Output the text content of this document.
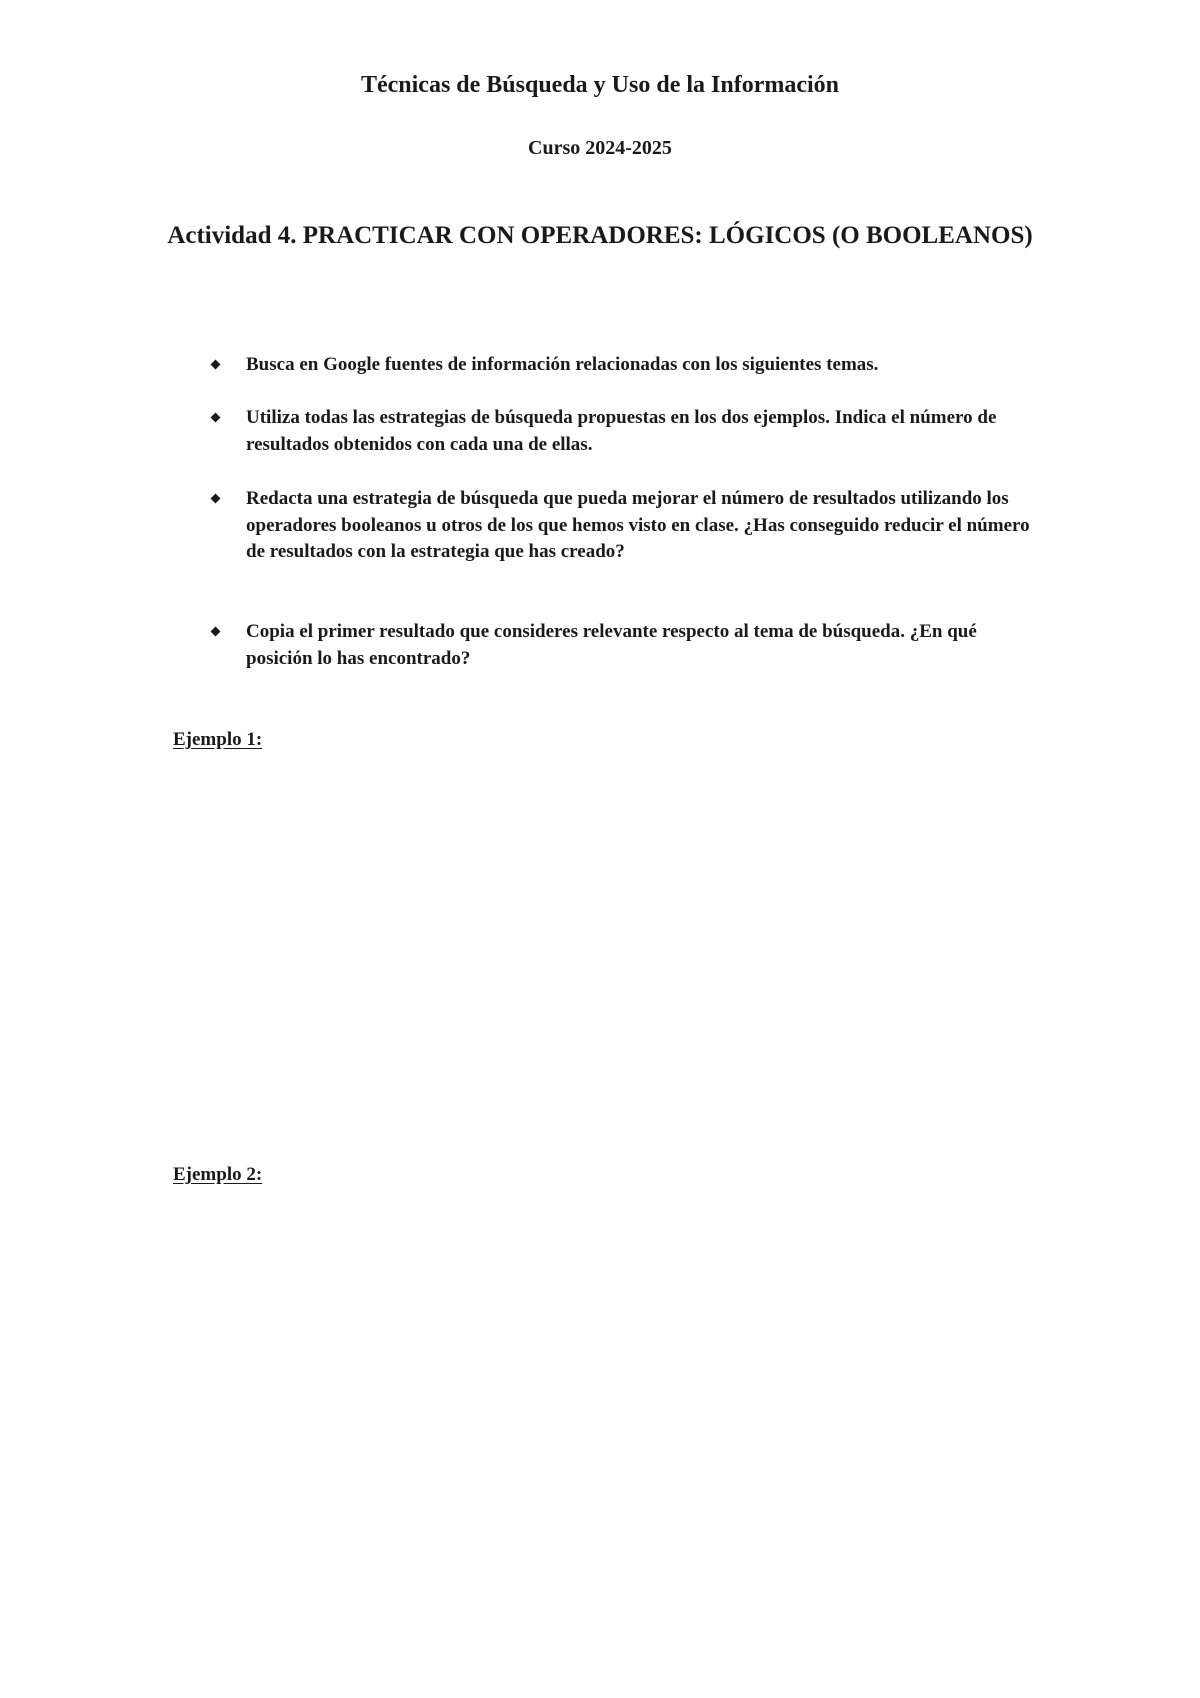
Técnicas de Búsqueda y Uso de la Información
Curso 2024-2025
Actividad 4. PRACTICAR CON OPERADORES: LÓGICOS (O BOOLEANOS)
Busca en Google fuentes de información relacionadas con los siguientes temas.
Utiliza todas las estrategias de búsqueda propuestas en los dos ejemplos. Indica el número de resultados obtenidos con cada una de ellas.
Redacta una estrategia de búsqueda que pueda mejorar el número de resultados utilizando los operadores booleanos u otros de los que hemos visto en clase. ¿Has conseguido reducir el número de resultados con la estrategia que has creado?
Copia el primer resultado que consideres relevante respecto al tema de búsqueda. ¿En qué posición lo has encontrado?
Ejemplo 1:
Ejemplo 2:
